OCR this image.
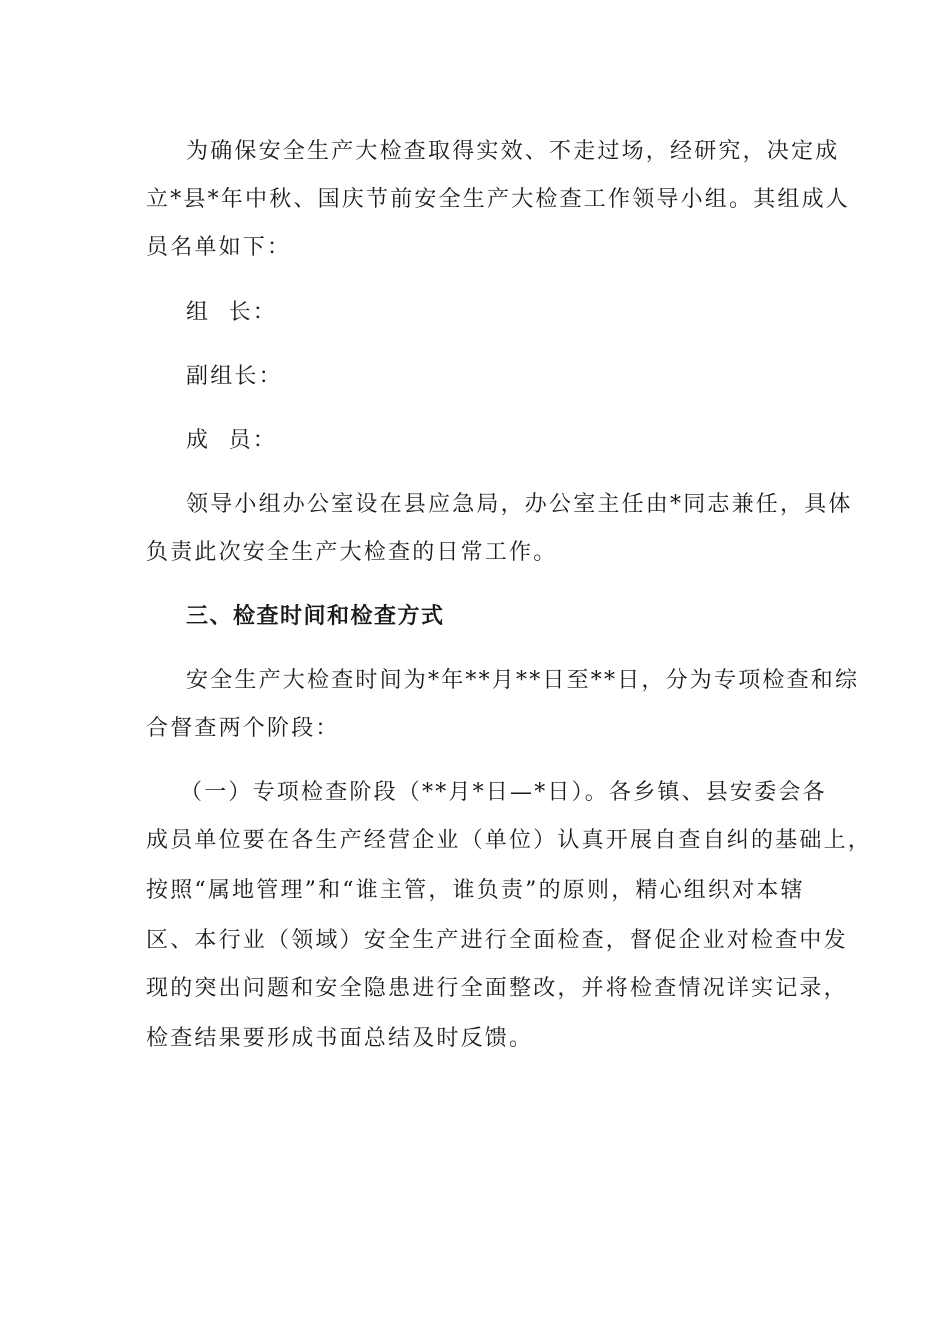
为确保安全生产大检查取得实效、不走过场，经研究，决定成
立*县*年中秋、国庆节前安全生产大检查工作领导小组。其组成人
员名单如下：
组  长：
副组长：
成  员：
领导小组办公室设在县应急局，办公室主任由*同志兼任，具体
负责此次安全生产大检查的日常工作。
三、检查时间和检查方式
安全生产大检查时间为*年**月**日至**日，分为专项检查和综
合督查两个阶段：
（一）专项检查阶段（**月*日—*日）。各乡镇、县安委会各
成员单位要在各生产经营企业（单位）认真开展自查自纠的基础上，
按照“属地管理”和“谁主管，谁负责”的原则，精心组织对本辖
区、本行业（领域）安全生产进行全面检查，督促企业对检查中发
现的突出问题和安全隐患进行全面整改，并将检查情况详实记录，
检查结果要形成书面总结及时反馈。
